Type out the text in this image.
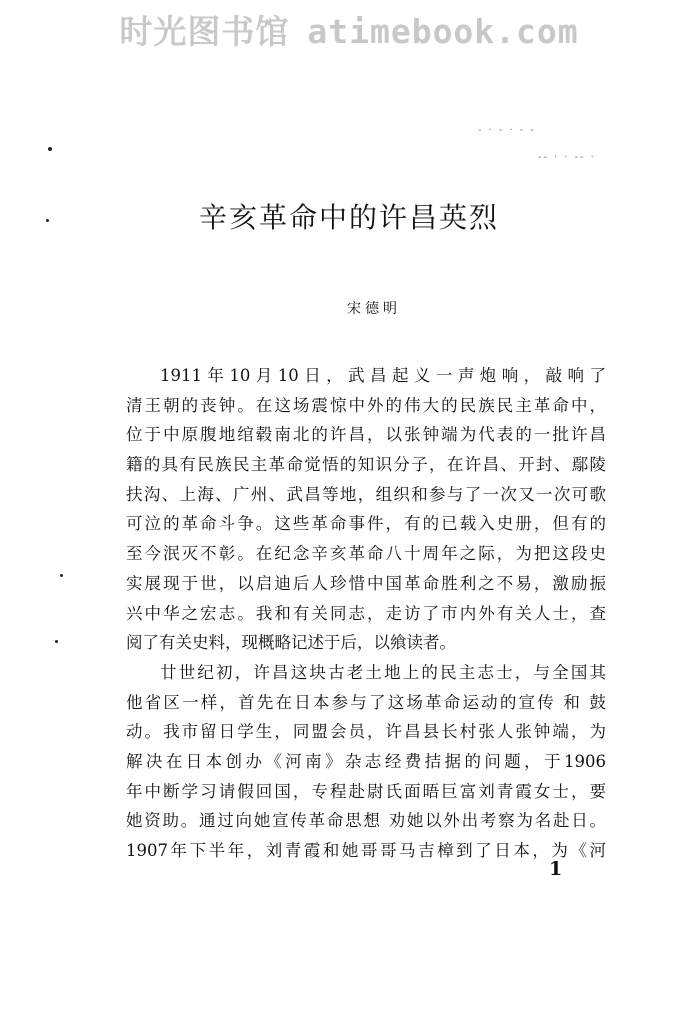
时光图书馆 atimebook.com
- · - · - -
-- · · -- ·
辛亥革命中的许昌英烈
宋德明
1911年10月10日，武昌起义一声炮响，敲响了
清王朝的丧钟。在这场震惊中外的伟大的民族民主革命中，
位于中原腹地绾毂南北的许昌，以张钟端为代表的一批许昌
籍的具有民族民主革命觉悟的知识分子，在许昌、开封、鄢陵
扶沟、上海、广州、武昌等地，组织和参与了一次又一次可歌
可泣的革命斗争。这些革命事件，有的已载入史册，但有的
至今泯灭不彰。在纪念辛亥革命八十周年之际，为把这段史
实展现于世，以启迪后人珍惜中国革命胜利之不易，激励振
兴中华之宏志。我和有关同志，走访了市内外有关人士，查
阅了有关史料，现概略记述于后，以飨读者。
廿世纪初，许昌这块古老土地上的民主志士，与全国其
他省区一样，首先在日本参与了这场革命运动的宣传 和 鼓
动。我市留日学生，同盟会员，许昌县长村张人张钟端，为
解决在日本创办《河南》杂志经费拮据的问题，于1906
年中断学习请假回国，专程赴尉氏面晤巨富刘青霞女士，要
她资助。通过向她宣传革命思想 劝她以外出考察为名赴日。
1907年下半年，刘青霞和她哥哥马吉樟到了日本，为《河
1
